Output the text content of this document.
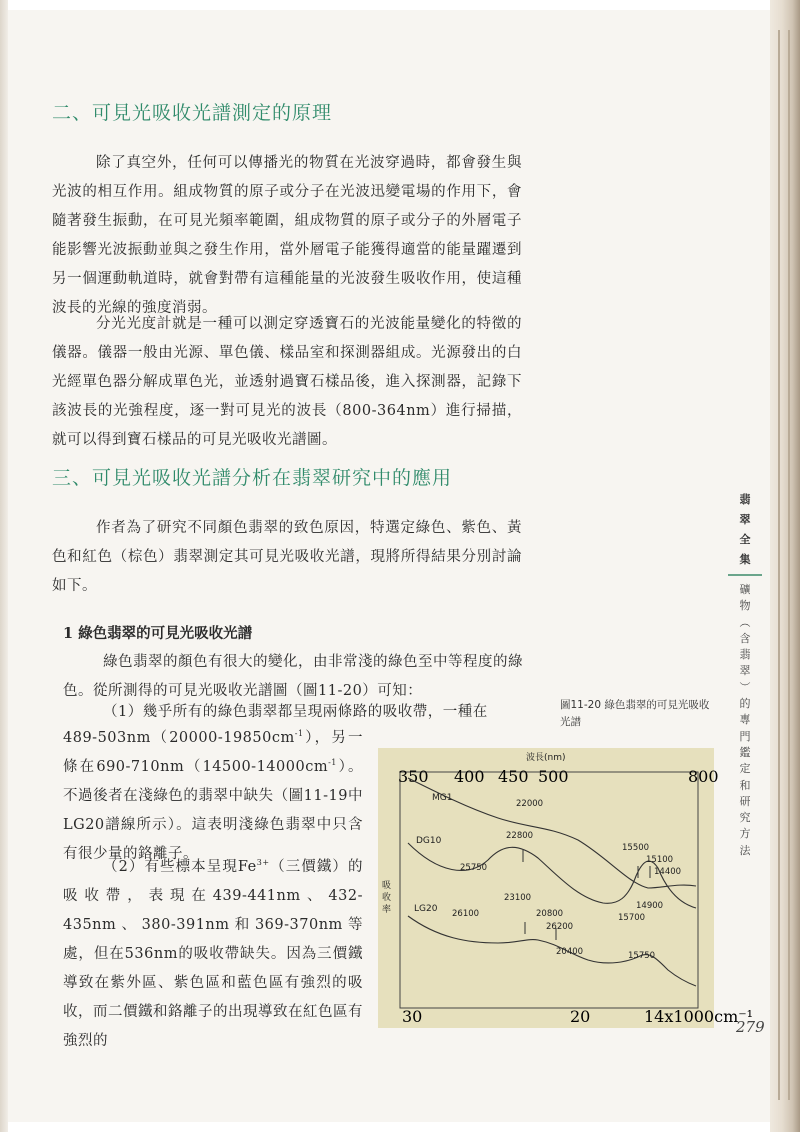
二、可見光吸收光譜測定的原理

除了真空外，任何可以傳播光的物質在光波穿過時，都會發生與光波的相互作用。組成物質的原子或分子在光波迅變電場的作用下，會隨著發生振動，在可見光頻率範圍，組成物質的原子或分子的外層電子能影響光波振動並與之發生作用，當外層電子能獲得適當的能量躍遷到另一個運動軌道時，就會對帶有這種能量的光波發生吸收作用，使這種波長的光線的強度消弱。

分光光度計就是一種可以測定穿透寶石的光波能量變化的特徵的儀器。儀器一般由光源、單色儀、樣品室和探測器組成。光源發出的白光經單色器分解成單色光，並透射過寶石樣品後，進入探測器，記錄下該波長的光強程度，逐一對可見光的波長（800-364nm）進行掃描，就可以得到寶石樣品的可見光吸收光譜圖。

三、可見光吸收光譜分析在翡翠研究中的應用

作者為了研究不同顏色翡翠的致色原因，特選定綠色、紫色、黃色和紅色（棕色）翡翠測定其可見光吸收光譜，現將所得結果分別討論如下。

1 綠色翡翠的可見光吸收光譜

綠色翡翠的顏色有很大的變化，由非常淺的綠色至中等程度的綠色。從所測得的可見光吸收光譜圖（圖11-20）可知：

（1）幾乎所有的綠色翡翠都呈現兩條路的吸收帶，一種在

$489-503nm(20000-19850cm^{-1})$，另一條在$690-710nm(14500-14000cm^{-1})$。不過後者在淺綠色的翡翠中缺失（圖11-19中LG20譜線所示）。這表明淺綠色翡翠中只含有很少量的鉻離子。

（2）有些標本呈現$Fe^{3+}$（三價鐵）的吸收帶，表現在439-441nm、432-435nm、380-391nm和369-370nm等處，但在536nm的吸收帶缺失。因為三價鐵導致在紫外區、紫色區和藍色區有強烈的吸收，而二價鐵和鉻離子的出現導致在紅色區有強烈的

圖11-20 綠色翡翠的可見光吸收光譜
波長(nm)
350 400 450 500	800
30	20	14x1000cm⁻¹
MG1
DG10
LG20
22000
22800
25750
23100
26100	20800
26200
20400
15500
15100
14400
14900
15700
15750
吸收率
翡
翠
全
集
礦
物
︵
含
翡
翠
︶
的
專
門
鑑
定
和
研
究
方
法
279
